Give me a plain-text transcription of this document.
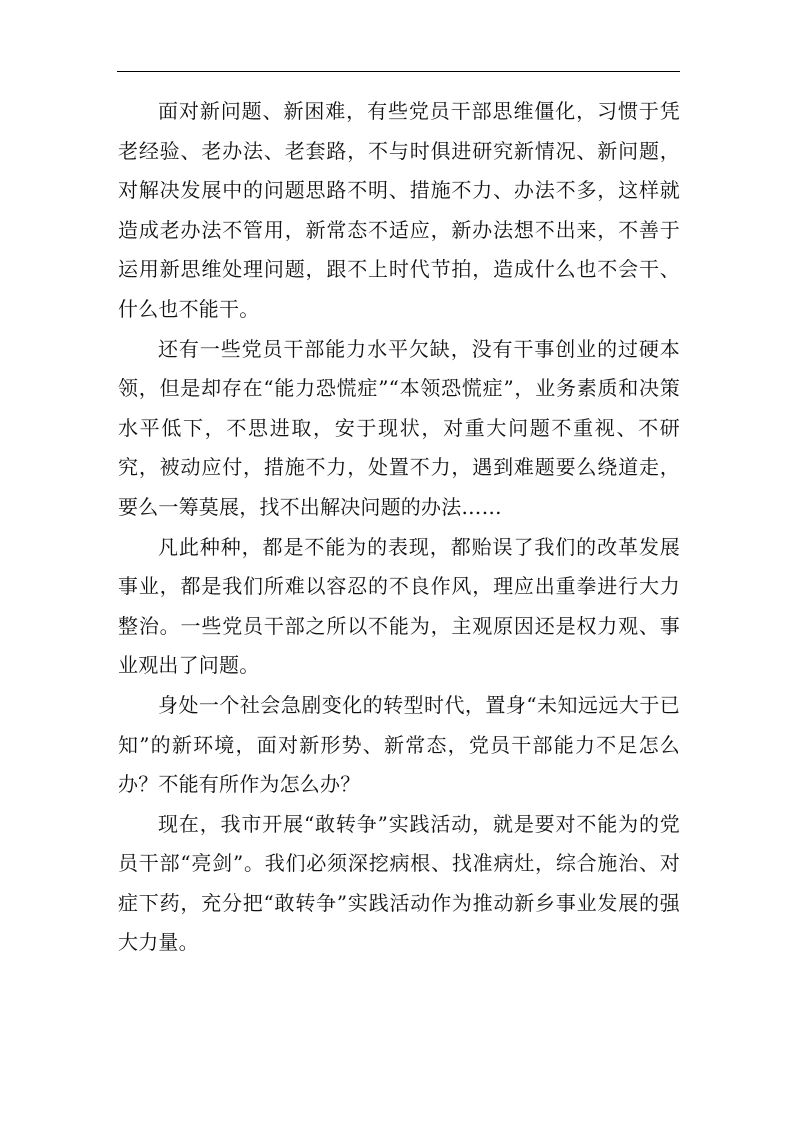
面对新问题、新困难，有些党员干部思维僵化，习惯于凭老经验、老办法、老套路，不与时俱进研究新情况、新问题，对解决发展中的问题思路不明、措施不力、办法不多，这样就造成老办法不管用，新常态不适应，新办法想不出来，不善于运用新思维处理问题，跟不上时代节拍，造成什么也不会干、什么也不能干。

还有一些党员干部能力水平欠缺，没有干事创业的过硬本领，但是却存在“能力恐慌症”“本领恐慌症”，业务素质和决策水平低下，不思进取，安于现状，对重大问题不重视、不研究，被动应付，措施不力，处置不力，遇到难题要么绕道走，要么一筹莫展，找不出解决问题的办法……

凡此种种，都是不能为的表现，都贻误了我们的改革发展事业，都是我们所难以容忍的不良作风，理应出重拳进行大力整治。一些党员干部之所以不能为，主观原因还是权力观、事业观出了问题。

身处一个社会急剧变化的转型时代，置身“未知远远大于已知”的新环境，面对新形势、新常态，党员干部能力不足怎么办？不能有所作为怎么办？

现在，我市开展“敢转争”实践活动，就是要对不能为的党员干部“亮剑”。我们必须深挖病根、找准病灶，综合施治、对症下药，充分把“敢转争”实践活动作为推动新乡事业发展的强大力量。
